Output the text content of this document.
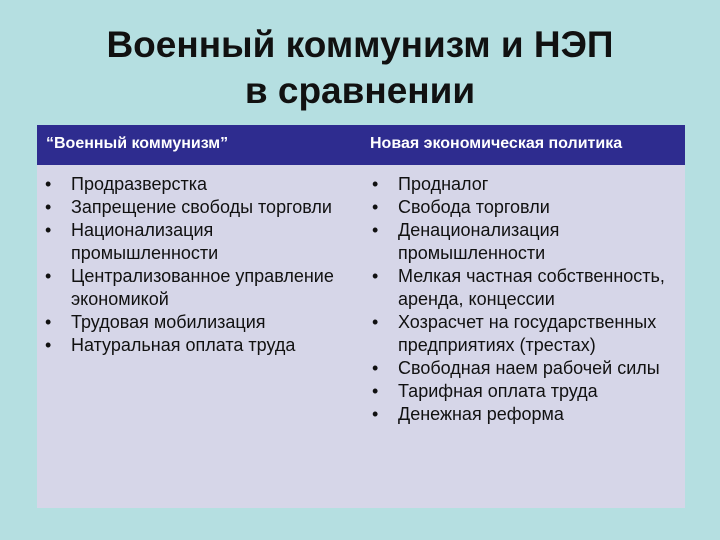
Военный коммунизм и НЭП
в сравнении
“Военный коммунизм”	Новая экономическая политика
• Продразверстка
• Запрещение свободы торговли
• Национализация промышленности
• Централизованное управление экономикой
• Трудовая мобилизация
• Натуральная оплата труда
• Продналог
• Свобода торговли
• Денационализация промышленности
• Мелкая частная собственность, аренда, концессии
• Хозрасчет на государственных предприятиях (трестах)
• Свободная наем рабочей силы
• Тарифная оплата труда
• Денежная реформа
